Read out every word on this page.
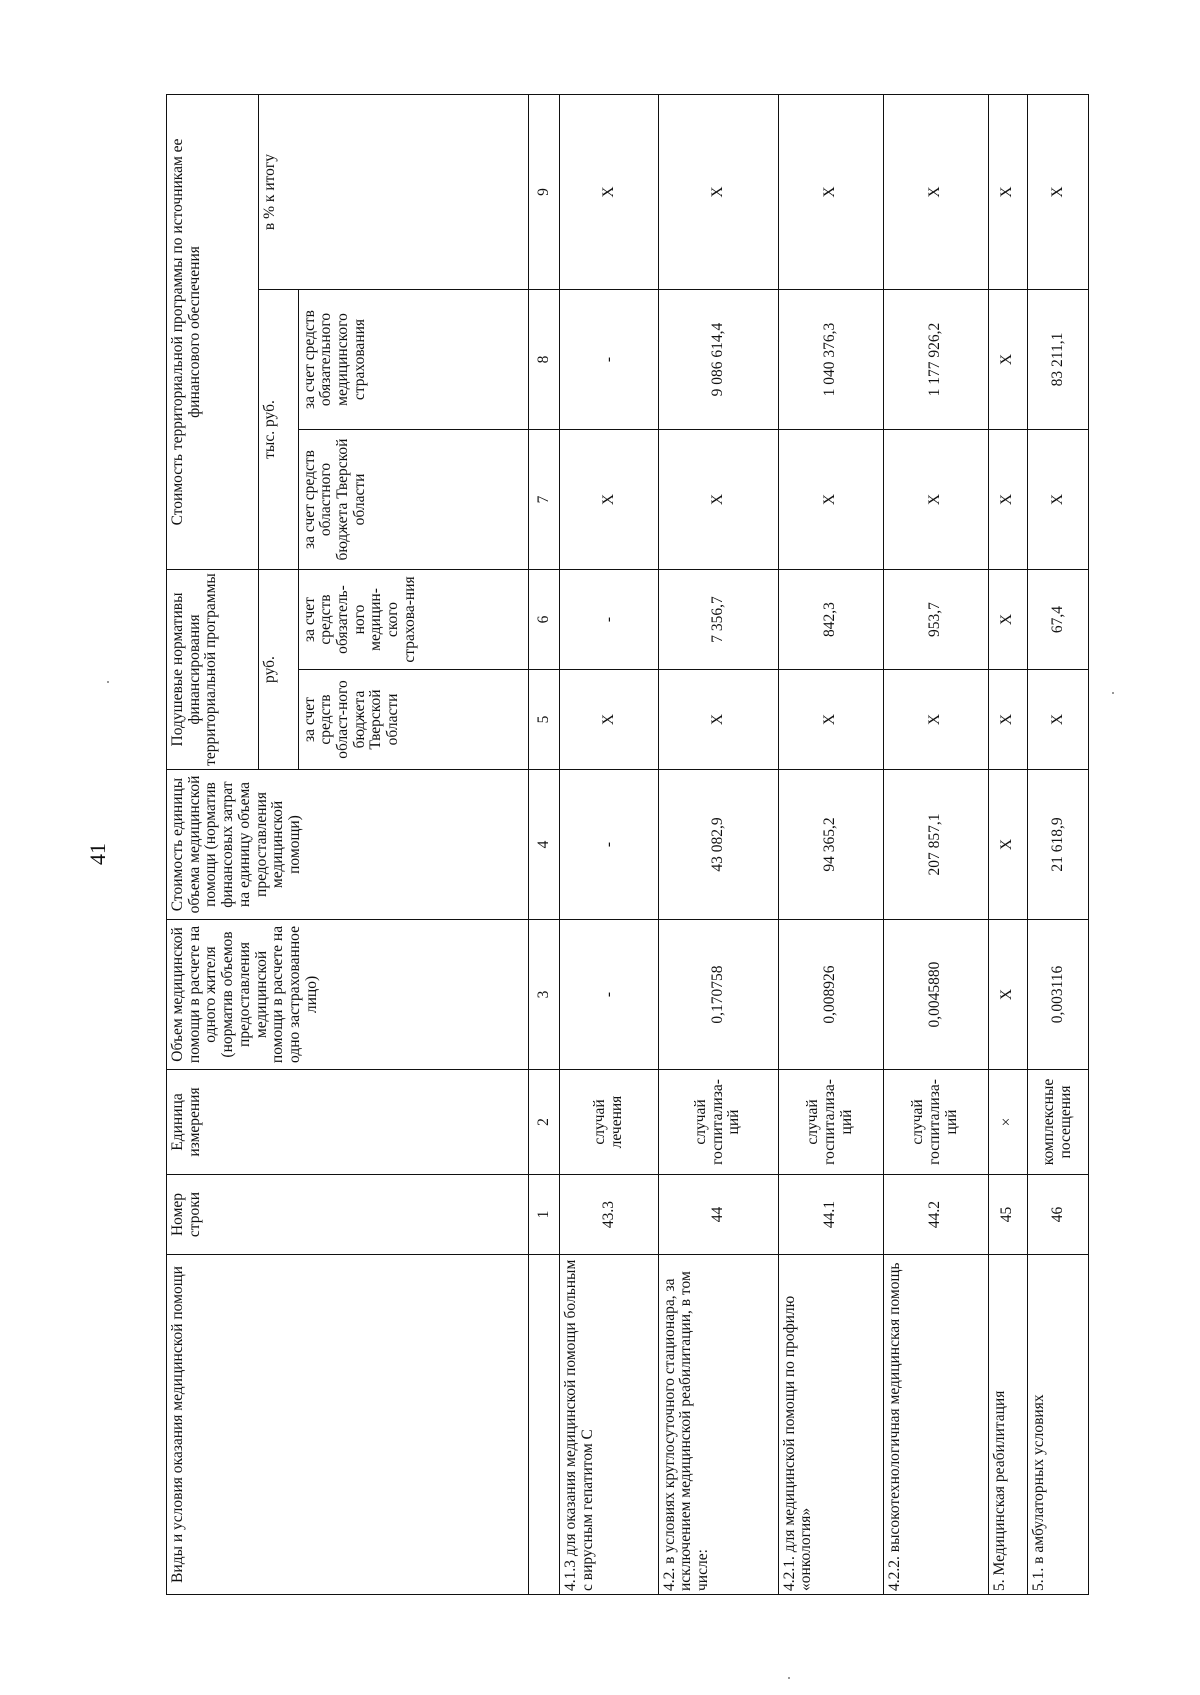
41
Виды и условия оказания медицинской помощи	Номер строки	Единица измерения	Объем медицинской помощи в расчете на одного жителя (норматив объемов предоставления медицинской помощи в расчете на одно застрахованное лицо)	Стоимость единицы объема медицинской помощи (норматив финансовых затрат на единицу объема предоставления медицинской помощи)	Подушевые нормативы финансирования территориальной программы		Стоимость территориальной программы по источникам ее финансового обеспечения		
					руб.		тыс. руб.		в % к итогу
					за счет средств област-ного бюджета Тверской области	за счет средств обязатель-ного медицин-ского страхова-ния	за счет средств областного бюджета Тверской области	за счет средств обязательного медицинского страхования	
	1	2	3	4	5	6	7	8	9
4.1.3 для оказания медицинской помощи больным с вирусным гепатитом С	43.3	случай лечения	-	-	X	-	X	-	X
4.2. в условиях круглосуточного стационара, за исключением медицинской реабилитации, в том числе:	44	случай госпитализа-ций	0,170758	43 082,9	X	7 356,7	X	9 086 614,4	X
4.2.1. для медицинской помощи по профилю «онкология»	44.1	случай госпитализа-ций	0,008926	94 365,2	X	842,3	X	1 040 376,3	X
4.2.2. высокотехнологичная медицинская помощь	44.2	случай госпитализа-ций	0,0045880	207 857,1	X	953,7	X	1 177 926,2	X
5. Медицинская реабилитация	45	×	X	X	X	X	X	X	X
5.1. в амбулаторных условиях	46	комплексные посещения	0,003116	21 618,9	X	67,4	X	83 211,1	X
